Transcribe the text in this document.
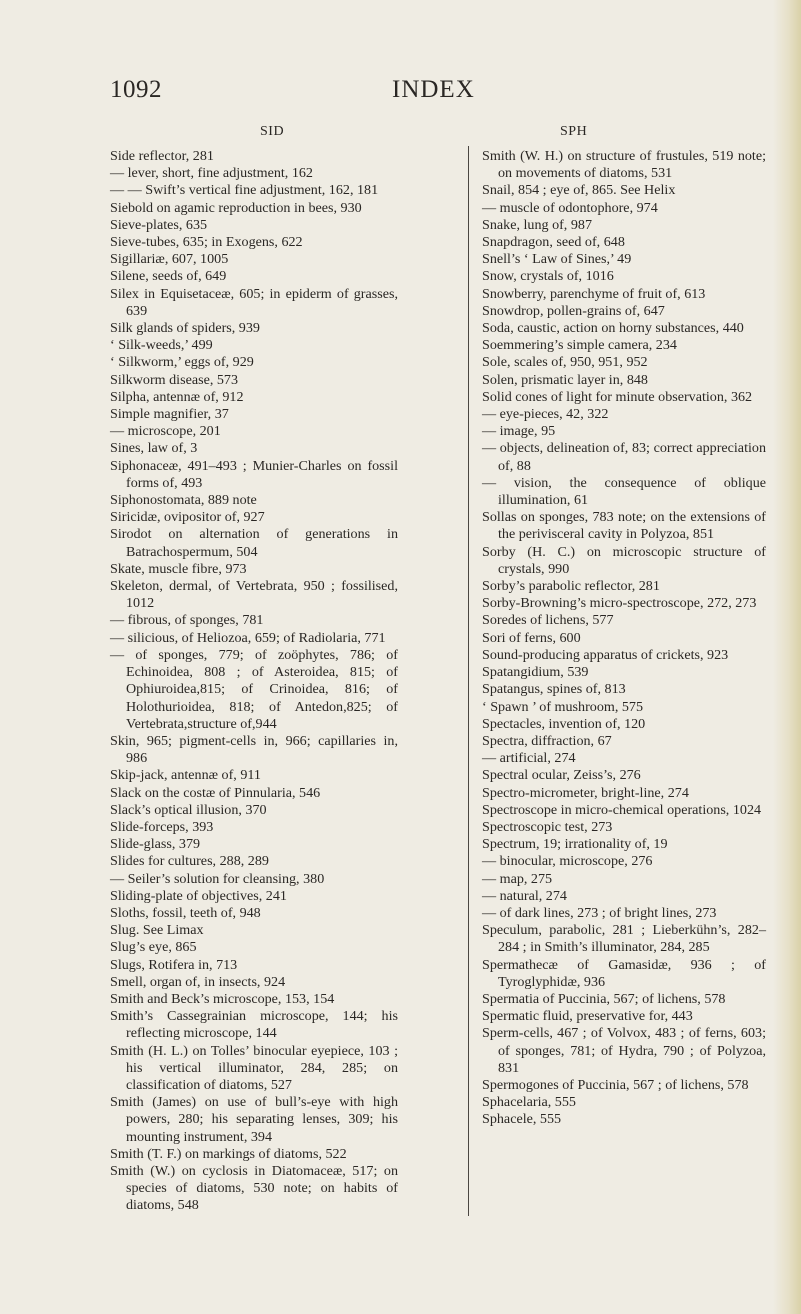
1092	INDEX
SID	SPH

Side reflector, 281

— lever, short, fine adjustment, 162

— — Swift’s vertical fine adjustment, 162, 181

Siebold on agamic reproduction in bees, 930

Sieve-plates, 635

Sieve-tubes, 635; in Exogens, 622

Sigillariæ, 607, 1005

Silene, seeds of, 649

Silex in Equisetaceæ, 605; in epiderm of grasses, 639

Silk glands of spiders, 939

‘ Silk-weeds,’ 499

‘ Silkworm,’ eggs of, 929

Silkworm disease, 573

Silpha, antennæ of, 912

Simple magnifier, 37

— microscope, 201

Sines, law of, 3

Siphonaceæ, 491–493 ; Munier-Charles on fossil forms of, 493

Siphonostomata, 889 note

Siricidæ, ovipositor of, 927

Sirodot on alternation of generations in Batrachospermum, 504

Skate, muscle fibre, 973

Skeleton, dermal, of Vertebrata, 950 ; fossilised, 1012

— fibrous, of sponges, 781

— silicious, of Heliozoa, 659; of Radiolaria, 771

— of sponges, 779; of zoöphytes, 786; of Echinoidea, 808 ; of Asteroidea, 815; of Ophiuroidea,815; of Crinoidea, 816; of Holothurioidea, 818; of Antedon,825; of Vertebrata,structure of,944

Skin, 965; pigment-cells in, 966; capillaries in, 986

Skip-jack, antennæ of, 911

Slack on the costæ of Pinnularia, 546

Slack’s optical illusion, 370

Slide-forceps, 393

Slide-glass, 379

Slides for cultures, 288, 289

— Seiler’s solution for cleansing, 380

Sliding-plate of objectives, 241

Sloths, fossil, teeth of, 948

Slug. See Limax

Slug’s eye, 865

Slugs, Rotifera in, 713

Smell, organ of, in insects, 924

Smith and Beck’s microscope, 153, 154

Smith’s Cassegrainian microscope, 144; his reflecting microscope, 144

Smith (H. L.) on Tolles’ binocular eyepiece, 103 ; his vertical illuminator, 284, 285; on classification of diatoms, 527

Smith (James) on use of bull’s-eye with high powers, 280; his separating lenses, 309; his mounting instrument, 394

Smith (T. F.) on markings of diatoms, 522

Smith (W.) on cyclosis in Diatomaceæ, 517; on species of diatoms, 530 note; on habits of diatoms, 548

Smith (W. H.) on structure of frustules, 519 note; on movements of diatoms, 531

Snail, 854 ; eye of, 865. See Helix

— muscle of odontophore, 974

Snake, lung of, 987

Snapdragon, seed of, 648

Snell’s ‘ Law of Sines,’ 49

Snow, crystals of, 1016

Snowberry, parenchyme of fruit of, 613

Snowdrop, pollen-grains of, 647

Soda, caustic, action on horny substances, 440

Soemmering’s simple camera, 234

Sole, scales of, 950, 951, 952

Solen, prismatic layer in, 848

Solid cones of light for minute observation, 362

— eye-pieces, 42, 322

— image, 95

— objects, delineation of, 83; correct appreciation of, 88

— vision, the consequence of oblique illumination, 61

Sollas on sponges, 783 note; on the extensions of the perivisceral cavity in Polyzoa, 851

Sorby (H. C.) on microscopic structure of crystals, 990

Sorby’s parabolic reflector, 281

Sorby-Browning’s micro-spectroscope, 272, 273

Soredes of lichens, 577

Sori of ferns, 600

Sound-producing apparatus of crickets, 923

Spatangidium, 539

Spatangus, spines of, 813

‘ Spawn ’ of mushroom, 575

Spectacles, invention of, 120

Spectra, diffraction, 67

— artificial, 274

Spectral ocular, Zeiss’s, 276

Spectro-micrometer, bright-line, 274

Spectroscope in micro-chemical operations, 1024

Spectroscopic test, 273

Spectrum, 19; irrationality of, 19

— binocular, microscope, 276

— map, 275

— natural, 274

— of dark lines, 273 ; of bright lines, 273

Speculum, parabolic, 281 ; Lieberkühn’s, 282–284 ; in Smith’s illuminator, 284, 285

Spermathecæ of Gamasidæ, 936 ; of Tyroglyphidæ, 936

Spermatia of Puccinia, 567; of lichens, 578

Spermatic fluid, preservative for, 443

Sperm-cells, 467 ; of Volvox, 483 ; of ferns, 603; of sponges, 781; of Hydra, 790 ; of Polyzoa, 831

Spermogones of Puccinia, 567 ; of lichens, 578

Sphacelaria, 555

Sphacele, 555
